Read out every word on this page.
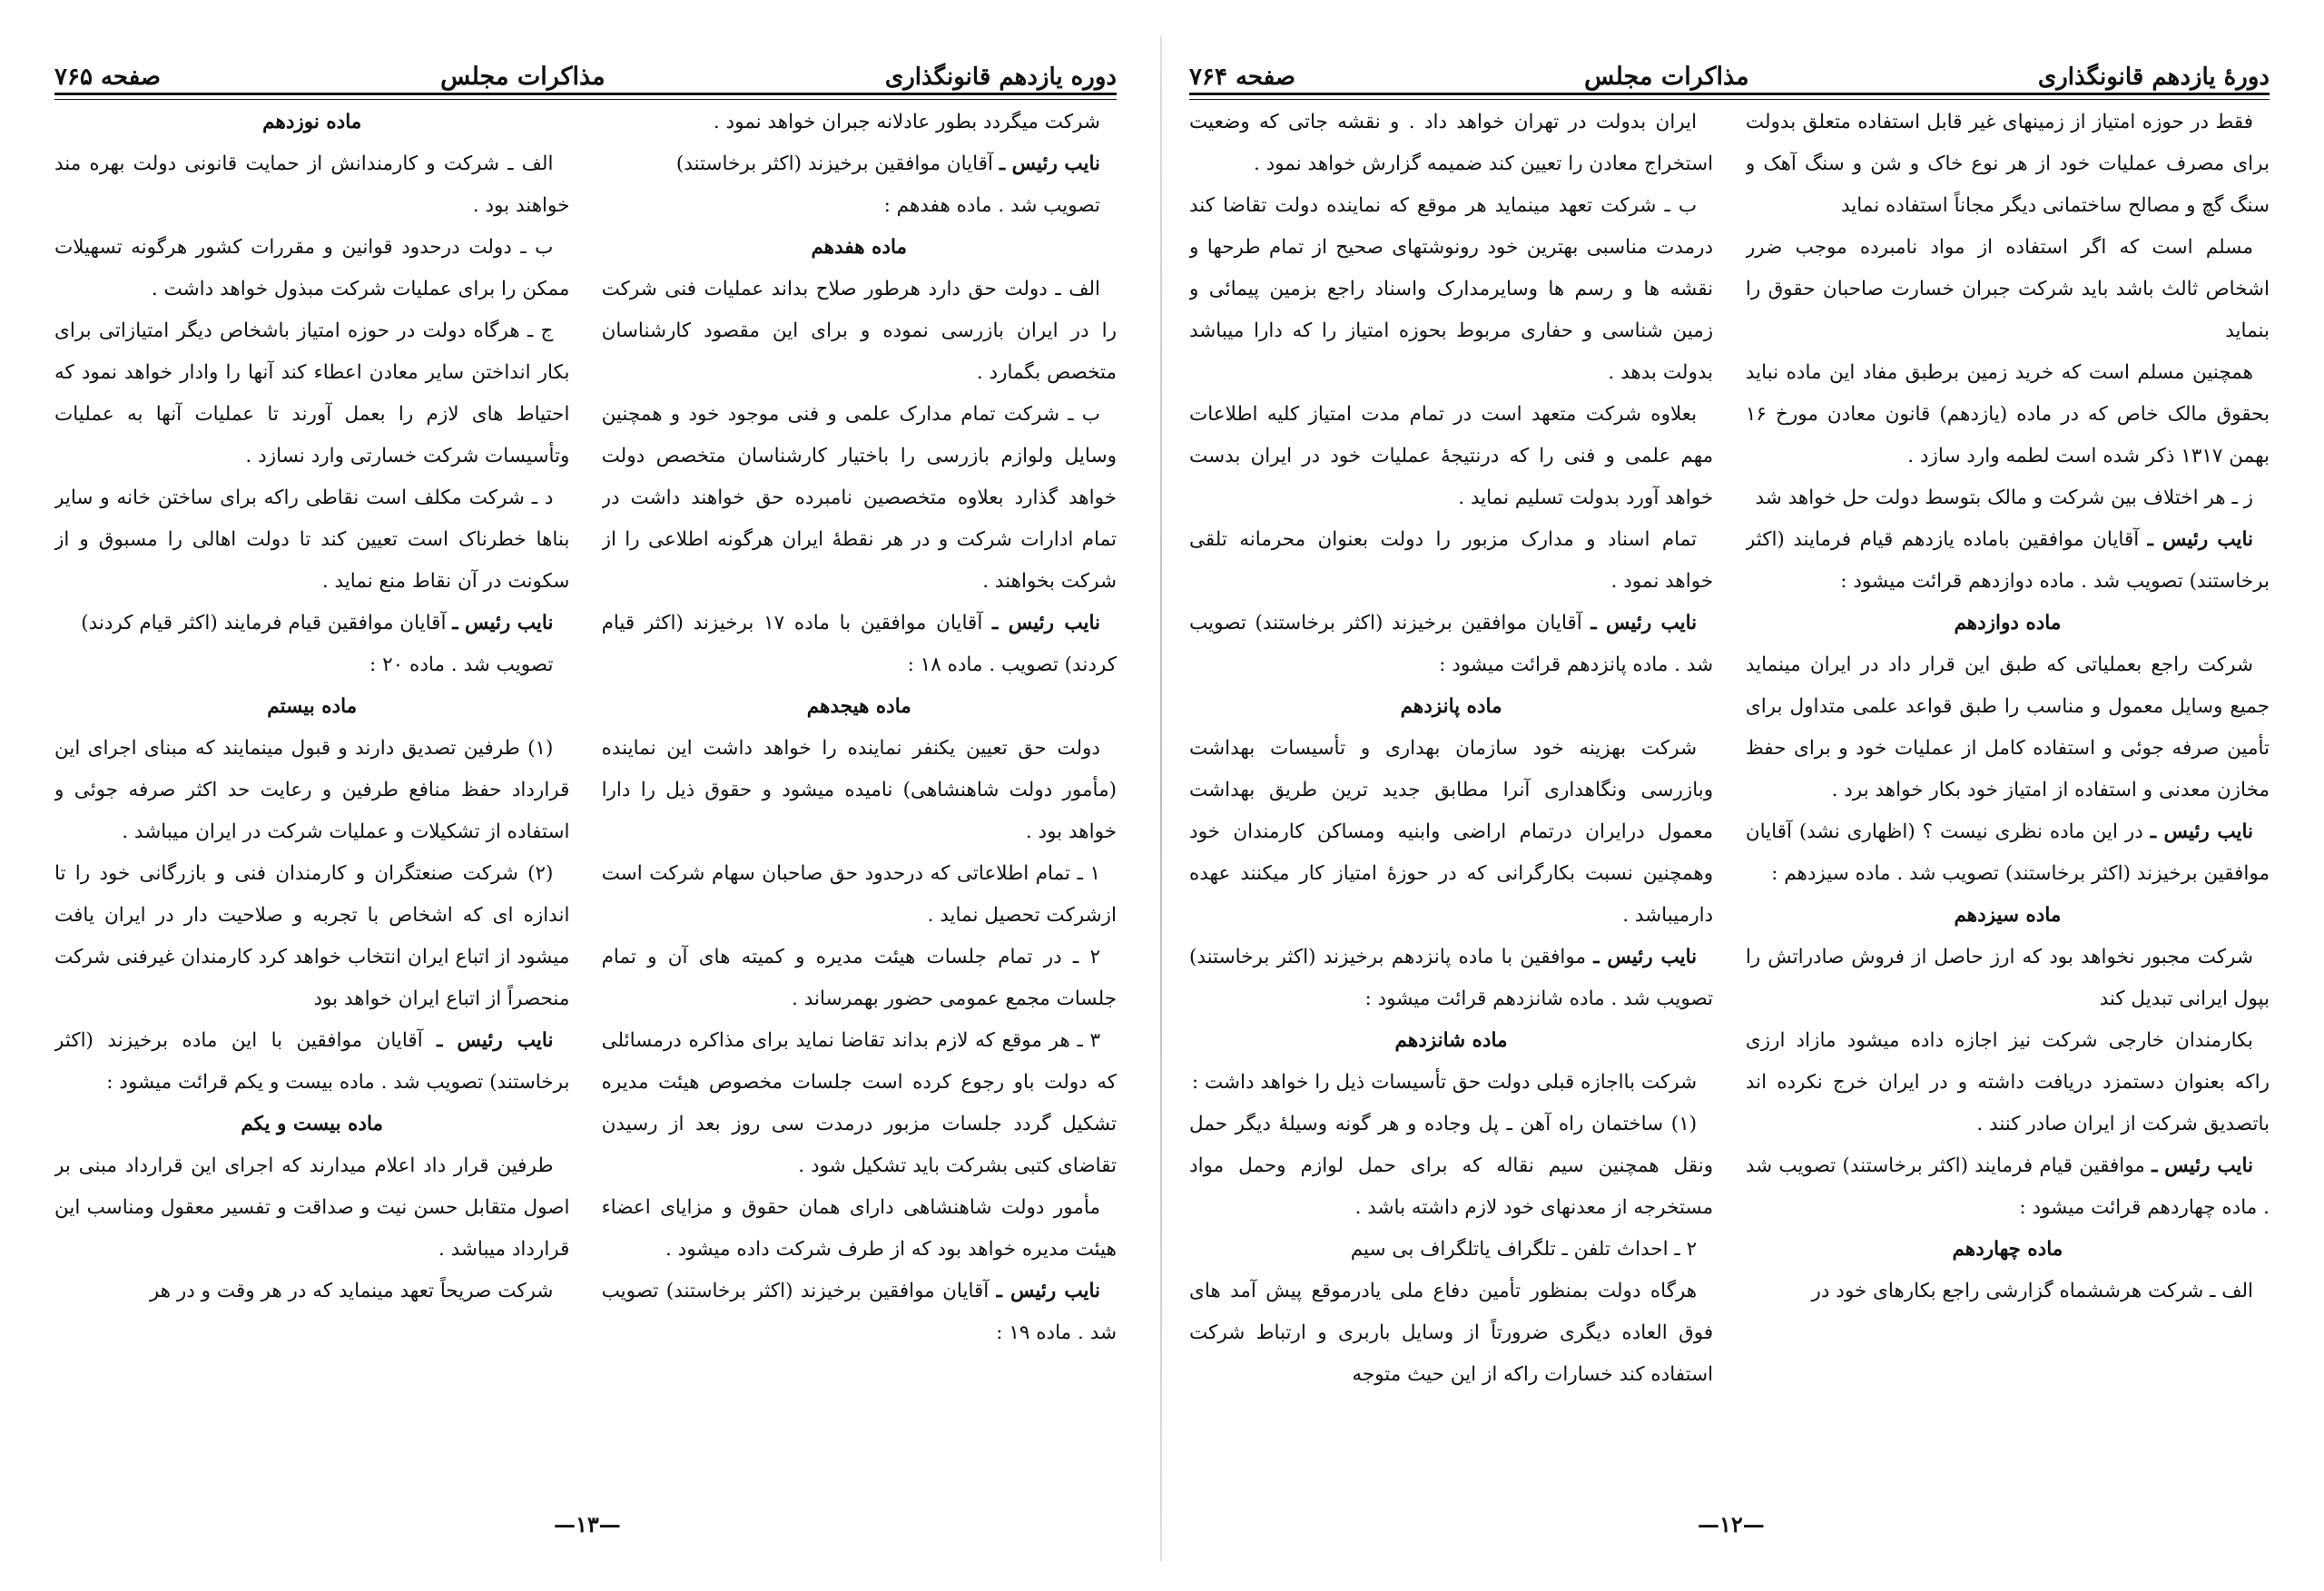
دوره یازدهم قانونگذاری
مذاکرات مجلس
صفحه ۷۶۵

شرکت میگردد بطور عادلانه جبران خواهد نمود .

نایب رئیس ـ آقایان موافقین برخیزند (اکثر برخاستند)

تصویب شد . ماده هفدهم :

ماده هفدهم

الف ـ دولت حق دارد هرطور صلاح بداند عملیات فنی شرکت را در ایران بازرسی نموده و برای این مقصود کارشناسان متخصص بگمارد .

ب ـ شرکت تمام مدارک علمی و فنی موجود خود و همچنین وسایل ولوازم بازرسی را باختیار کارشناسان متخصص دولت خواهد گذارد بعلاوه متخصصین نامبرده حق خواهند داشت در تمام ادارات شرکت و در هر نقطهٔ ایران هرگونه اطلاعی را از شرکت بخواهند .

نایب رئیس ـ آقایان موافقین با ماده ۱۷ برخیزند (اکثر قیام کردند) تصویب . ماده ۱۸ :

ماده هیجدهم

دولت حق تعیین یکنفر نماینده را خواهد داشت این نماینده (مأمور دولت شاهنشاهی) نامیده میشود و حقوق ذیل را دارا خواهد بود .

۱ ـ تمام اطلاعاتی که درحدود حق صاحبان سهام شرکت است ازشرکت تحصیل نماید .

۲ ـ در تمام جلسات هیئت مدیره و کمیته های آن و تمام جلسات مجمع عمومی حضور بهمرساند .

۳ ـ هر موقع که لازم بداند تقاضا نماید برای مذاکره درمسائلی که دولت باو رجوع کرده است جلسات مخصوص هیئت مدیره تشکیل گردد جلسات مزبور درمدت سی روز بعد از رسیدن تقاضای کتبی بشرکت باید تشکیل شود .

مأمور دولت شاهنشاهی دارای همان حقوق و مزایای اعضاء هیئت مدیره خواهد بود که از طرف شرکت داده میشود .

نایب رئیس ـ آقایان موافقین برخیزند (اکثر برخاستند) تصویب شد . ماده ۱۹ :

ماده نوزدهم

الف ـ شرکت و کارمندانش از حمایت قانونی دولت بهره مند خواهند بود .

ب ـ دولت درحدود قوانین و مقررات کشور هرگونه تسهیلات ممکن را برای عملیات شرکت مبذول خواهد داشت .

ج ـ هرگاه دولت در حوزه امتیاز باشخاص دیگر امتیازاتی برای بکار انداختن سایر معادن اعطاء کند آنها را وادار خواهد نمود که احتیاط های لازم را بعمل آورند تا عملیات آنها به عملیات وتأسیسات شرکت خسارتی وارد نسازد .

د ـ شرکت مکلف است نقاطی راکه برای ساختن خانه و سایر بناها خطرناک است تعیین کند تا دولت اهالی را مسبوق و از سکونت در آن نقاط منع نماید .

نایب رئیس ـ آقایان موافقین قیام فرمایند (اکثر قیام کردند)

تصویب شد . ماده ۲۰ :

ماده بیستم

(۱) طرفین تصدیق دارند و قبول مینمایند که مبنای اجرای این قرارداد حفظ منافع طرفین و رعایت حد اکثر صرفه جوئی و استفاده از تشکیلات و عملیات شرکت در ایران میباشد .

(۲) شرکت صنعتگران و کارمندان فنی و بازرگانی خود را تا اندازه ای که اشخاص با تجربه و صلاحیت دار در ایران یافت میشود از اتباع ایران انتخاب خواهد کرد کارمندان غیرفنی شرکت منحصراً از اتباع ایران خواهد بود

نایب رئیس ـ آقایان موافقین با این ماده برخیزند (اکثر برخاستند) تصویب شد . ماده بیست و یکم قرائت میشود :

ماده بیست و یکم

طرفین قرار داد اعلام میدارند که اجرای این قرارداد مبنی بر اصول متقابل حسن نیت و صداقت و تفسیر معقول ومناسب این قرارداد میباشد .

شرکت صریحاً تعهد مینماید که در هر وقت و در هر

—۱۳—
دورهٔ یازدهم قانونگذاری
مذاکرات مجلس
صفحه ۷۶۴

فقط در حوزه امتیاز از زمینهای غیر قابل استفاده متعلق بدولت برای مصرف عملیات خود از هر نوع خاک و شن و سنگ آهک و سنگ گچ و مصالح ساختمانی دیگر مجاناً استفاده نماید

مسلم است که اگر استفاده از مواد نامبرده موجب ضرر اشخاص ثالث باشد باید شرکت جبران خسارت صاحبان حقوق را بنماید

همچنین مسلم است که خرید زمین برطبق مفاد این ماده نباید بحقوق مالک خاص که در ماده (یازدهم) قانون معادن مورخ ۱۶ بهمن ۱۳۱۷ ذکر شده است لطمه وارد سازد .

ز ـ هر اختلاف بین شرکت و مالک بتوسط دولت حل خواهد شد

نایب رئیس ـ آقایان موافقین باماده یازدهم قیام فرمایند (اکثر برخاستند) تصویب شد . ماده دوازدهم قرائت میشود :

ماده دوازدهم

شرکت راجع بعملیاتی که طبق این قرار داد در ایران مینماید جمیع وسایل معمول و مناسب را طبق قواعد علمی متداول برای تأمین صرفه جوئی و استفاده کامل از عملیات خود و برای حفظ مخازن معدنی و استفاده از امتیاز خود بکار خواهد برد .

نایب رئیس ـ در این ماده نظری نیست ؟ (اظهاری نشد) آقایان موافقین برخیزند (اکثر برخاستند) تصویب شد . ماده سیزدهم :

ماده سیزدهم

شرکت مجبور نخواهد بود که ارز حاصل از فروش صادراتش را بپول ایرانی تبدیل کند

بکارمندان خارجی شرکت نیز اجازه داده میشود مازاد ارزی راکه بعنوان دستمزد دریافت داشته و در ایران خرج نکرده اند باتصدیق شرکت از ایران صادر کنند .

نایب رئیس ـ موافقین قیام فرمایند (اکثر برخاستند) تصویب شد . ماده چهاردهم قرائت میشود :

ماده چهاردهم

الف ـ شرکت هرششماه گزارشی راجع بکارهای خود در

ایران بدولت در تهران خواهد داد . و نقشه جاتی که وضعیت استخراج معادن را تعیین کند ضمیمه گزارش خواهد نمود .

ب ـ شرکت تعهد مینماید هر موقع که نماینده دولت تقاضا کند درمدت مناسبی بهترین خود رونوشتهای صحیح از تمام طرحها و نقشه ها و رسم ها وسایرمدارک واسناد راجع بزمین پیمائی و زمین شناسی و حفاری مربوط بحوزه امتیاز را که دارا میباشد بدولت بدهد .

بعلاوه شرکت متعهد است در تمام مدت امتیاز کلیه اطلاعات مهم علمی و فنی را که درنتیجهٔ عملیات خود در ایران بدست خواهد آورد بدولت تسلیم نماید .

تمام اسناد و مدارک مزبور را دولت بعنوان محرمانه تلقی خواهد نمود .

نایب رئیس ـ آقایان موافقین برخیزند (اکثر برخاستند) تصویب شد . ماده پانزدهم قرائت میشود :

ماده پانزدهم

شرکت بهزینه خود سازمان بهداری و تأسیسات بهداشت وبازرسی ونگاهداری آنرا مطابق جدید ترین طریق بهداشت معمول درایران درتمام اراضی وابنیه ومساکن کارمندان خود وهمچنین نسبت بکارگرانی که در حوزهٔ امتیاز کار میکنند عهده دارمیباشد .

نایب رئیس ـ موافقین با ماده پانزدهم برخیزند (اکثر برخاستند) تصویب شد . ماده شانزدهم قرائت میشود :

ماده شانزدهم

شرکت بااجازه قبلی دولت حق تأسیسات ذیل را خواهد داشت :

(۱) ساختمان راه آهن ـ پل وجاده و هر گونه وسیلهٔ دیگر حمل ونقل همچنین سیم نقاله که برای حمل لوازم وحمل مواد مستخرجه از معدنهای خود لازم داشته باشد .

۲ ـ احداث تلفن ـ تلگراف یاتلگراف بی سیم

هرگاه دولت بمنظور تأمین دفاع ملی یادرموقع پیش آمد های فوق العاده دیگری ضرورتاً از وسایل باربری و ارتباط شرکت استفاده کند خسارات راکه از این حیث متوجه

—۱۲—
